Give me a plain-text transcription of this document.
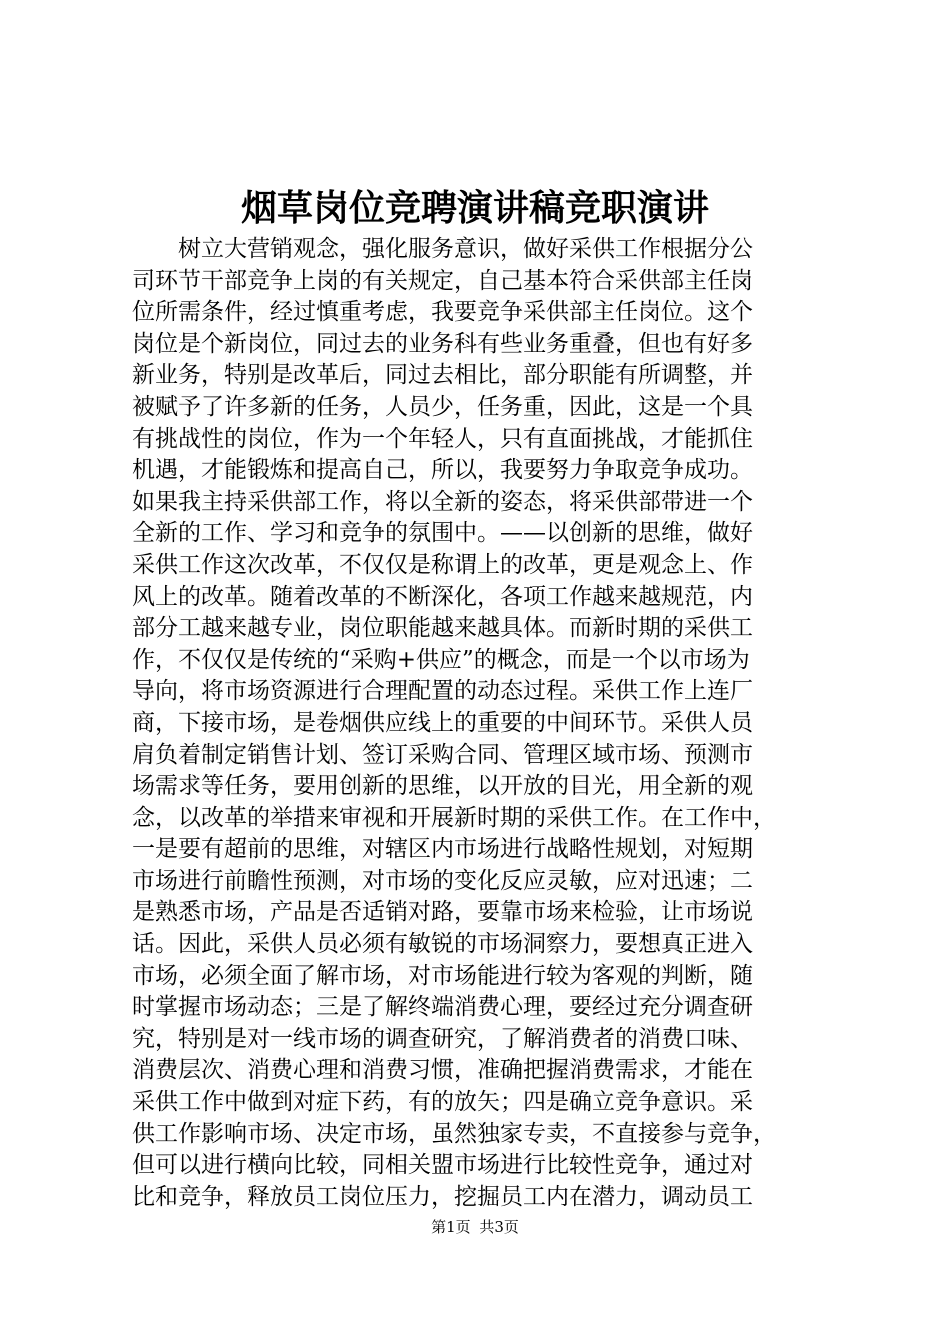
烟草岗位竞聘演讲稿竞职演讲
树立大营销观念，强化服务意识，做好采供工作根据分公
司环节干部竞争上岗的有关规定，自己基本符合采供部主任岗
位所需条件，经过慎重考虑，我要竞争采供部主任岗位。这个
岗位是个新岗位，同过去的业务科有些业务重叠，但也有好多
新业务，特别是改革后，同过去相比，部分职能有所调整，并
被赋予了许多新的任务，人员少，任务重，因此，这是一个具
有挑战性的岗位，作为一个年轻人，只有直面挑战，才能抓住
机遇，才能锻炼和提高自己，所以，我要努力争取竞争成功。
如果我主持采供部工作，将以全新的姿态，将采供部带进一个
全新的工作、学习和竞争的氛围中。——以创新的思维，做好
采供工作这次改革，不仅仅是称谓上的改革，更是观念上、作
风上的改革。随着改革的不断深化，各项工作越来越规范，内
部分工越来越专业，岗位职能越来越具体。而新时期的采供工
作，不仅仅是传统的“采购+供应”的概念，而是一个以市场为
导向，将市场资源进行合理配置的动态过程。采供工作上连厂
商，下接市场，是卷烟供应线上的重要的中间环节。采供人员
肩负着制定销售计划、签订采购合同、管理区域市场、预测市
场需求等任务，要用创新的思维，以开放的目光，用全新的观
念，以改革的举措来审视和开展新时期的采供工作。在工作中，
一是要有超前的思维，对辖区内市场进行战略性规划，对短期
市场进行前瞻性预测，对市场的变化反应灵敏，应对迅速；二
是熟悉市场，产品是否适销对路，要靠市场来检验，让市场说
话。因此，采供人员必须有敏锐的市场洞察力，要想真正进入
市场，必须全面了解市场，对市场能进行较为客观的判断，随
时掌握市场动态；三是了解终端消费心理，要经过充分调查研
究，特别是对一线市场的调查研究，了解消费者的消费口味、
消费层次、消费心理和消费习惯，准确把握消费需求，才能在
采供工作中做到对症下药，有的放矢；四是确立竞争意识。采
供工作影响市场、决定市场，虽然独家专卖，不直接参与竞争，
但可以进行横向比较，同相关盟市场进行比较性竞争，通过对
比和竞争，释放员工岗位压力，挖掘员工内在潜力，调动员工
第1页 共3页
